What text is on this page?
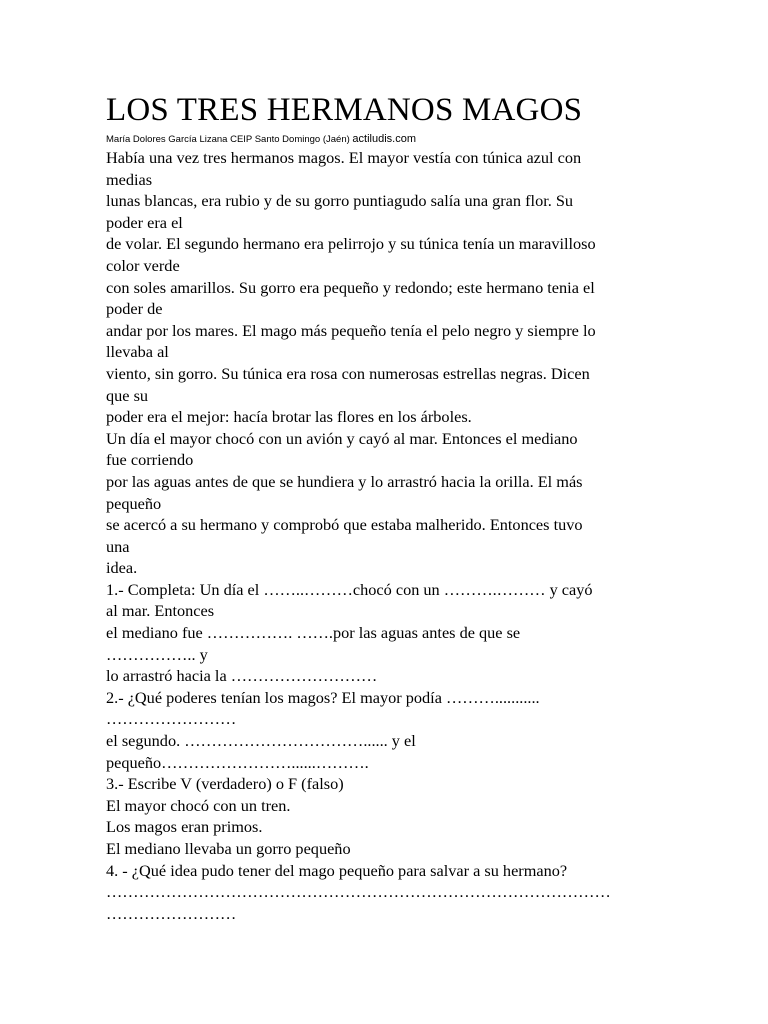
LOS TRES HERMANOS MAGOS
María Dolores García Lizana CEIP Santo Domingo (Jaén) actiludis.com
Había una vez tres hermanos magos. El mayor vestía con túnica azul con
medias
lunas blancas, era rubio y de su gorro puntiagudo salía una gran flor. Su
poder era el
de volar. El segundo hermano era pelirrojo y su túnica tenía un maravilloso
color verde
con soles amarillos. Su gorro era pequeño y redondo; este hermano tenia el
poder de
andar por los mares. El mago más pequeño tenía el pelo negro y siempre lo
llevaba al
viento, sin gorro. Su túnica era rosa con numerosas estrellas negras. Dicen
que su
poder era el mejor: hacía brotar las flores en los árboles.
Un día el mayor chocó con un avión y cayó al mar. Entonces el mediano
fue corriendo
por las aguas antes de que se hundiera y lo arrastró hacia la orilla. El más
pequeño
se acercó a su hermano y comprobó que estaba malherido. Entonces tuvo
una
idea.
1.- Completa: Un día el ……..………chocó con un ……….……… y cayó
al mar. Entonces
el mediano fue ……………. …….por las aguas antes de que se
…………….. y
lo arrastró hacia la ………………………
2.- ¿Qué poderes tenían los magos? El mayor podía ………...........
……………………
el segundo. ……………………………...... y el
pequeño……………………......……….
3.- Escribe V (verdadero) o F (falso)
El mayor chocó con un tren.
Los magos eran primos.
El mediano llevaba un gorro pequeño
4. - ¿Qué idea pudo tener del mago pequeño para salvar a su hermano?
…………………………………………………………………………………
……………………
